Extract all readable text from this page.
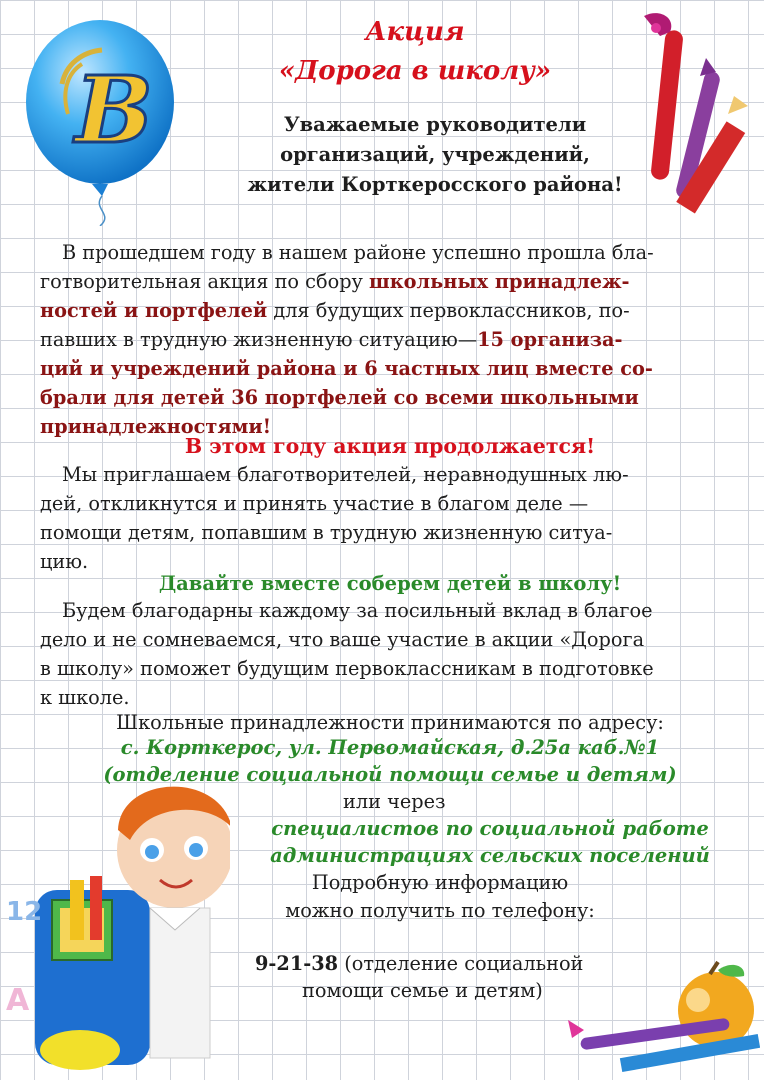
В
Акция
«Дорога в школу»
Уважаемые руководители
организаций, учреждений,
жители Корткеросского района!
В прошедшем году в нашем районе успешно прошла бла-
готворительная акция по сбору школьных принадлеж-
ностей и портфелей для будущих первоклассников, по-
павших в трудную жизненную ситуацию—15 организа-
ций и учреждений района и 6 частных лиц вместе со-
брали для детей 36 портфелей со всеми школьными
принадлежностями!
В этом году акция продолжается!
Мы приглашаем благотворителей, неравнодушных лю-
дей, откликнутся и принять участие в благом деле —
помощи детям, попавшим в трудную жизненную ситуа-
цию.
Давайте вместе соберем детей в школу!
Будем благодарны каждому за посильный вклад в благое
дело и не сомневаемся, что ваше участие в акции «Дорога
в школу» поможет будущим первоклассникам в подготовке
к школе.
Школьные принадлежности принимаются по адресу:
с. Корткерос, ул. Первомайская, д.25а каб.№1
(отделение социальной помощи семье и детям)
или через
специалистов по социальной работе
администрациях сельских поселений
Подробную информацию
можно получить по телефону:
9-21-38 (отделение социальной
помощи семье и детям)
12
A
